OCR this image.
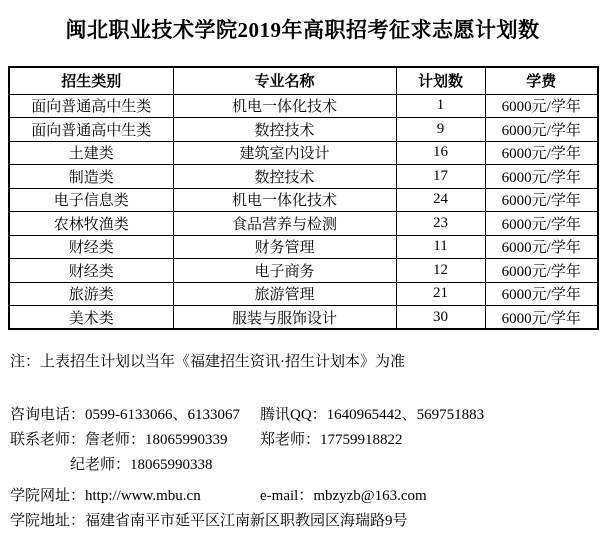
闽北职业技术学院2019年高职招考征求志愿计划数
招生类别	专业名称	计划数	学费
面向普通高中生类	机电一体化技术	1	6000元/学年
面向普通高中生类	数控技术	9	6000元/学年
土建类	建筑室内设计	16	6000元/学年
制造类	数控技术	17	6000元/学年
电子信息类	机电一体化技术	24	6000元/学年
农林牧渔类	食品营养与检测	23	6000元/学年
财经类	财务管理	11	6000元/学年
财经类	电子商务	12	6000元/学年
旅游类	旅游管理	21	6000元/学年
美术类	服装与服饰设计	30	6000元/学年

注：上表招生计划以当年《福建招生资讯·招生计划本》为准

咨询电话：0599-6133066、6133067	腾讯QQ：1640965442、569751883
联系老师：詹老师：18065990339	郑老师：17759918822
纪老师：18065990338
学院网址：http://www.mbu.cn	e-mail：mbzyzb@163.com
学院地址： 福建省南平市延平区江南新区职教园区海瑞路9号
